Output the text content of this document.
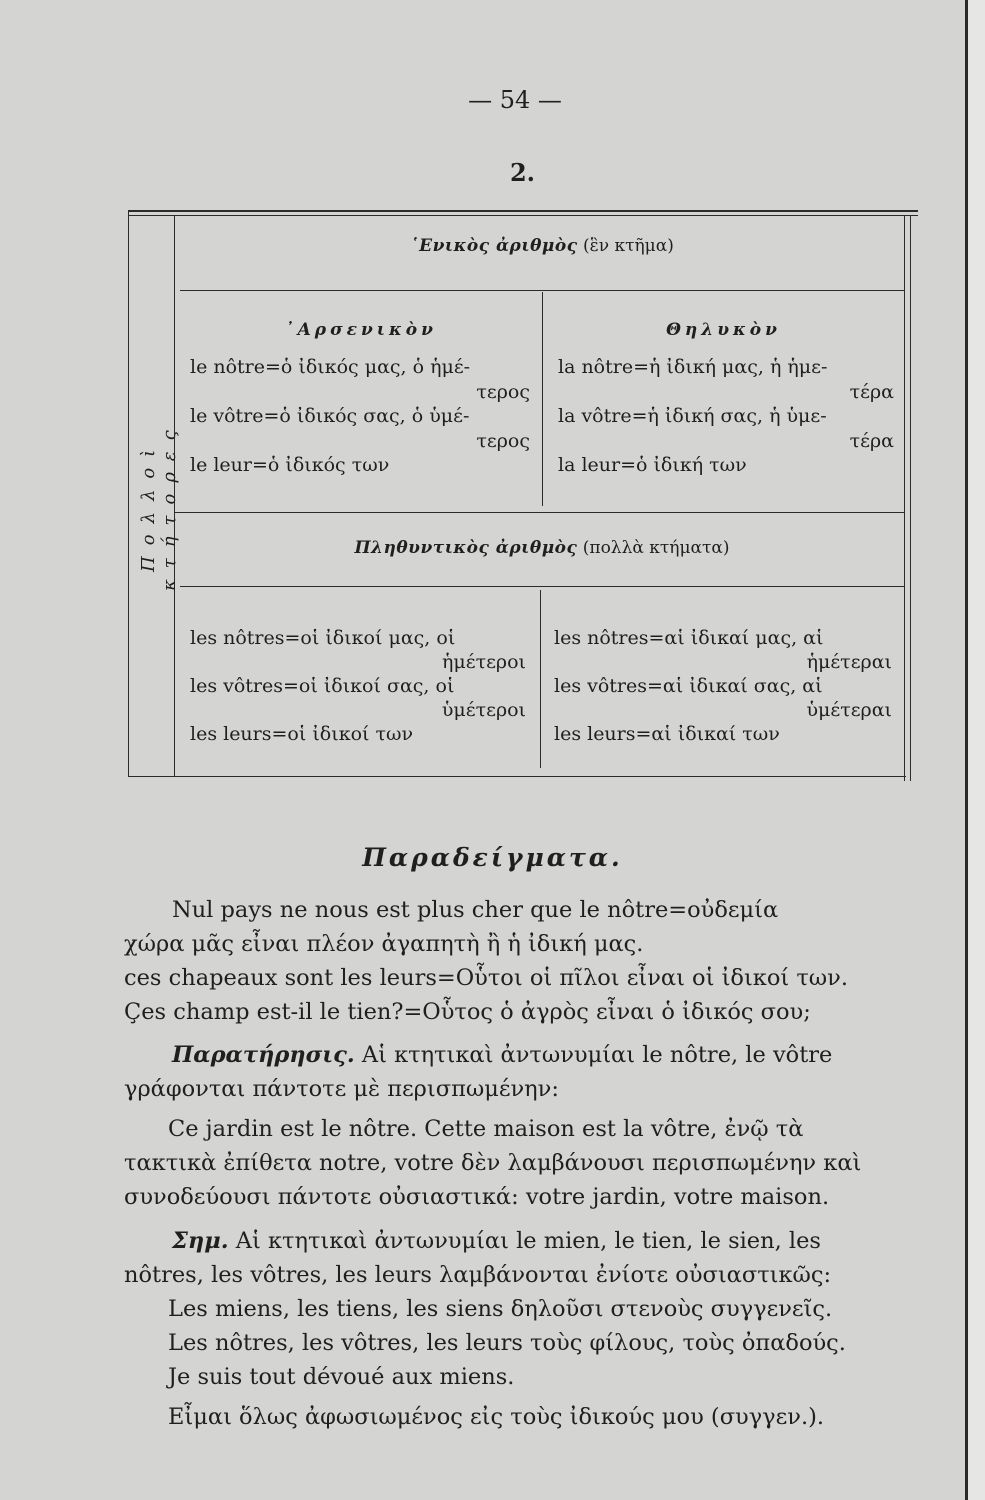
— 54 —
2.
Πολλοὶ κτήτορες
῾Ενικὸς ἀριθμὸς (ἓν κτῆμα)
᾿Αρσενικὸν	Θηλυκὸν
le nôtre=ὁ ἰδικός μας, ὁ ἡμέ-
τερος
le vôtre=ὁ ἰδικός σας, ὁ ὑμέ-
τερος
le leur=ὁ ἰδικός των
la nôtre=ἡ ἰδική μας, ἡ ἡμε-
τέρα
la vôtre=ἡ ἰδική σας, ἡ ὑμε-
τέρα
la leur=ὁ ἰδική των
Πληθυντικὸς ἀριθμὸς (πολλὰ κτήματα)
les nôtres=οἱ ἰδικοί μας, οἱ
ἡμέτεροι
les vôtres=οἱ ἰδικοί σας, οἱ
ὑμέτεροι
les leurs=οἱ ἰδικοί των
les nôtres=αἱ ἰδικαί μας, αἱ
ἡμέτεραι
les vôtres=αἱ ἰδικαί σας, αἱ
ὑμέτεραι
les leurs=αἱ ἰδικαί των
Παραδείγματα.
Nul pays ne nous est plus cher que le nôtre=οὐδεμία
χώρα μᾶς εἶναι πλέον ἀγαπητὴ ἢ ἡ ἰδική μας.
ces chapeaux sont les leurs=Οὗτοι οἱ πῖλοι εἶναι οἱ ἰδικοί των.
Çes champ est-il le tien?=Οὗτος ὁ ἀγρὸς εἶναι ὁ ἰδικός σου;
Παρατήρησις. Αἱ κτητικαὶ ἀντωνυμίαι le nôtre, le vôtre
γράφονται πάντοτε μὲ περισπωμένην:
Ce jardin est le nôtre. Cette maison est la vôtre, ἐνῷ τὰ
τακτικὰ ἐπίθετα notre, votre δὲν λαμβάνουσι περισπωμένην καὶ
συνοδεύουσι πάντοτε οὐσιαστικά: votre jardin, votre maison.
Σημ. Αἱ κτητικαὶ ἀντωνυμίαι le mien, le tien, le sien, les
nôtres, les vôtres, les leurs λαμβάνονται ἐνίοτε οὐσιαστικῶς:
Les miens, les tiens, les siens δηλοῦσι στενοὺς συγγενεῖς.
Les nôtres, les vôtres, les leurs τοὺς φίλους, τοὺς ὀπαδούς.
Je suis tout dévoué aux miens.
Εἶμαι ὅλως ἀφωσιωμένος εἰς τοὺς ἰδικούς μου (συγγεν.).
